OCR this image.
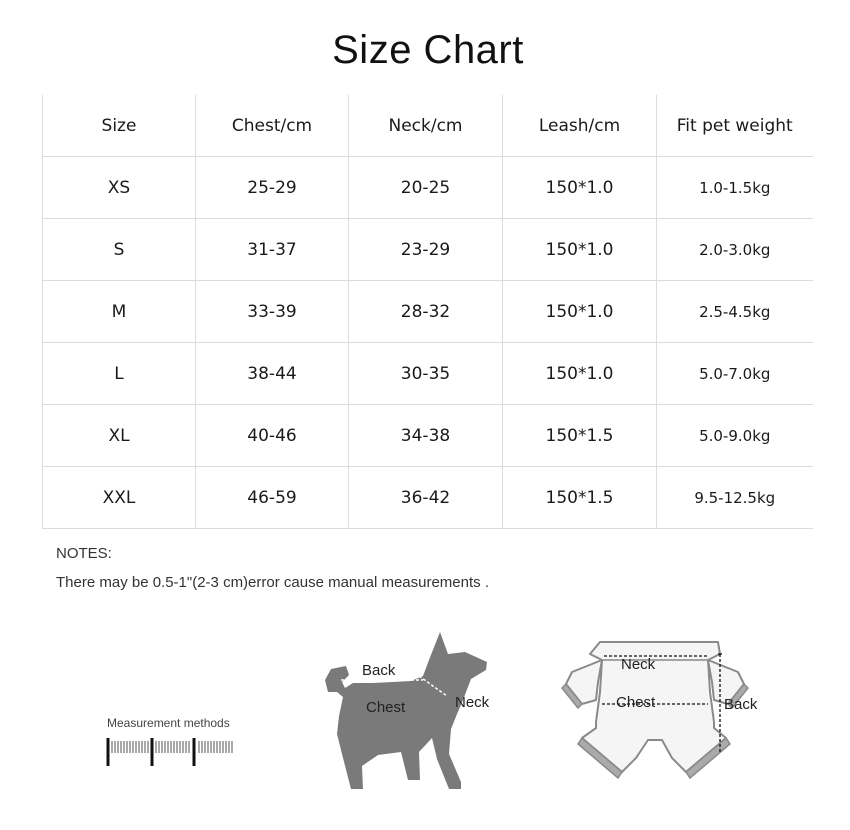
Size Chart
Size	Chest/cm	Neck/cm	Leash/cm	Fit pet weight
XS	25-29	20-25	150*1.0	1.0-1.5kg
S	31-37	23-29	150*1.0	2.0-3.0kg
M	33-39	28-32	150*1.0	2.5-4.5kg
L	38-44	30-35	150*1.0	5.0-7.0kg
XL	40-46	34-38	150*1.5	5.0-9.0kg
XXL	46-59	36-42	150*1.5	9.5-12.5kg
NOTES:
There may be 0.5-1"(2-3 cm)error cause manual measurements .
Measurement methods
Back
Chest	Neck
Neck
Chest	Back
